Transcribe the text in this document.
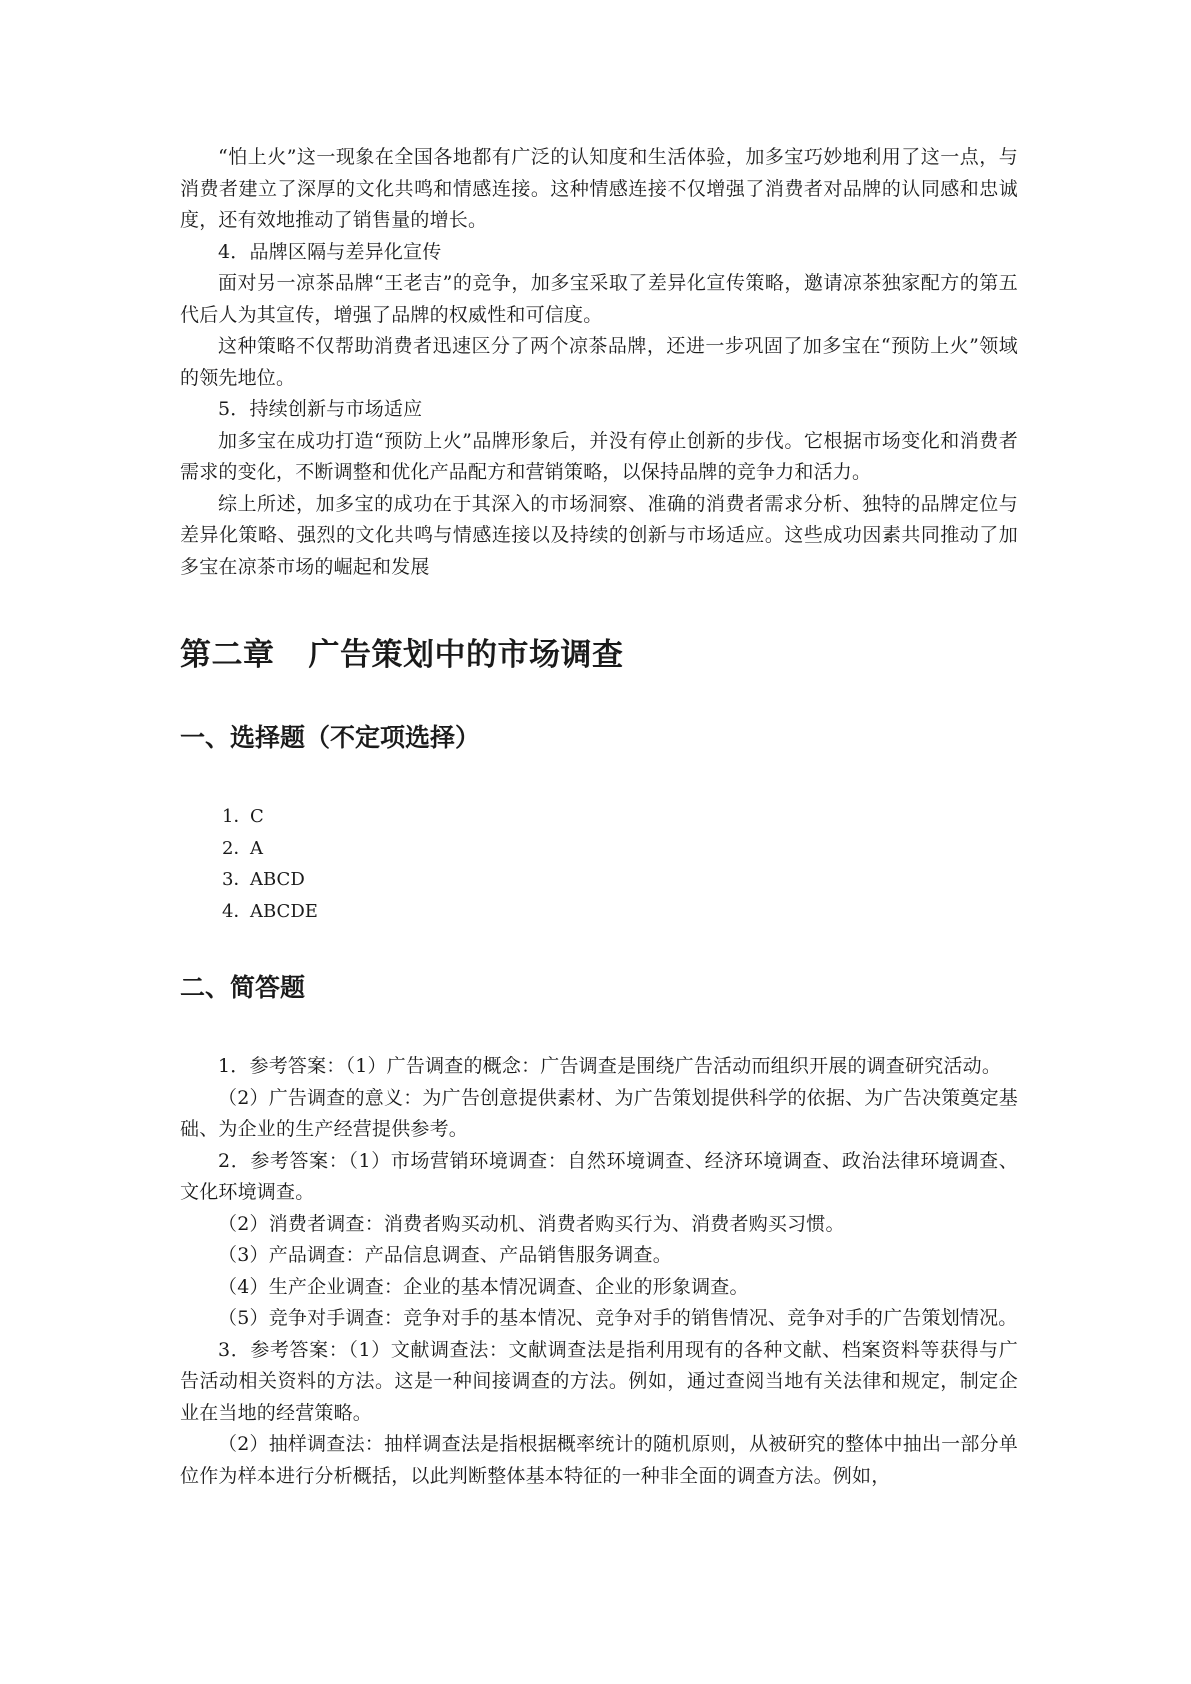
“怕上火”这一现象在全国各地都有广泛的认知度和生活体验，加多宝巧妙地利用了这一点，与消费者建立了深厚的文化共鸣和情感连接。这种情感连接不仅增强了消费者对品牌的认同感和忠诚度，还有效地推动了销售量的增长。

4．品牌区隔与差异化宣传

面对另一凉茶品牌“王老吉”的竞争，加多宝采取了差异化宣传策略，邀请凉茶独家配方的第五代后人为其宣传，增强了品牌的权威性和可信度。

这种策略不仅帮助消费者迅速区分了两个凉茶品牌，还进一步巩固了加多宝在“预防上火”领域的领先地位。

5．持续创新与市场适应

加多宝在成功打造“预防上火”品牌形象后，并没有停止创新的步伐。它根据市场变化和消费者需求的变化，不断调整和优化产品配方和营销策略，以保持品牌的竞争力和活力。

综上所述，加多宝的成功在于其深入的市场洞察、准确的消费者需求分析、独特的品牌定位与差异化策略、强烈的文化共鸣与情感连接以及持续的创新与市场适应。这些成功因素共同推动了加多宝在凉茶市场的崛起和发展

第二章 广告策划中的市场调查
一、选择题（不定项选择）
1．C
2．A
3．ABCD
4．ABCDE
二、简答题

1．参考答案：（1）广告调查的概念：广告调查是围绕广告活动而组织开展的调查研究活动。

（2）广告调查的意义：为广告创意提供素材、为广告策划提供科学的依据、为广告决策奠定基础、为企业的生产经营提供参考。

2．参考答案：（1）市场营销环境调查：自然环境调查、经济环境调查、政治法律环境调查、文化环境调查。

（2）消费者调查：消费者购买动机、消费者购买行为、消费者购买习惯。

（3）产品调查：产品信息调查、产品销售服务调查。

（4）生产企业调查：企业的基本情况调查、企业的形象调查。

（5）竞争对手调查：竞争对手的基本情况、竞争对手的销售情况、竞争对手的广告策划情况。

3．参考答案：（1）文献调查法：文献调查法是指利用现有的各种文献、档案资料等获得与广告活动相关资料的方法。这是一种间接调查的方法。例如，通过查阅当地有关法律和规定，制定企业在当地的经营策略。

（2）抽样调查法：抽样调查法是指根据概率统计的随机原则，从被研究的整体中抽出一部分单位作为样本进行分析概括，以此判断整体基本特征的一种非全面的调查方法。例如，
